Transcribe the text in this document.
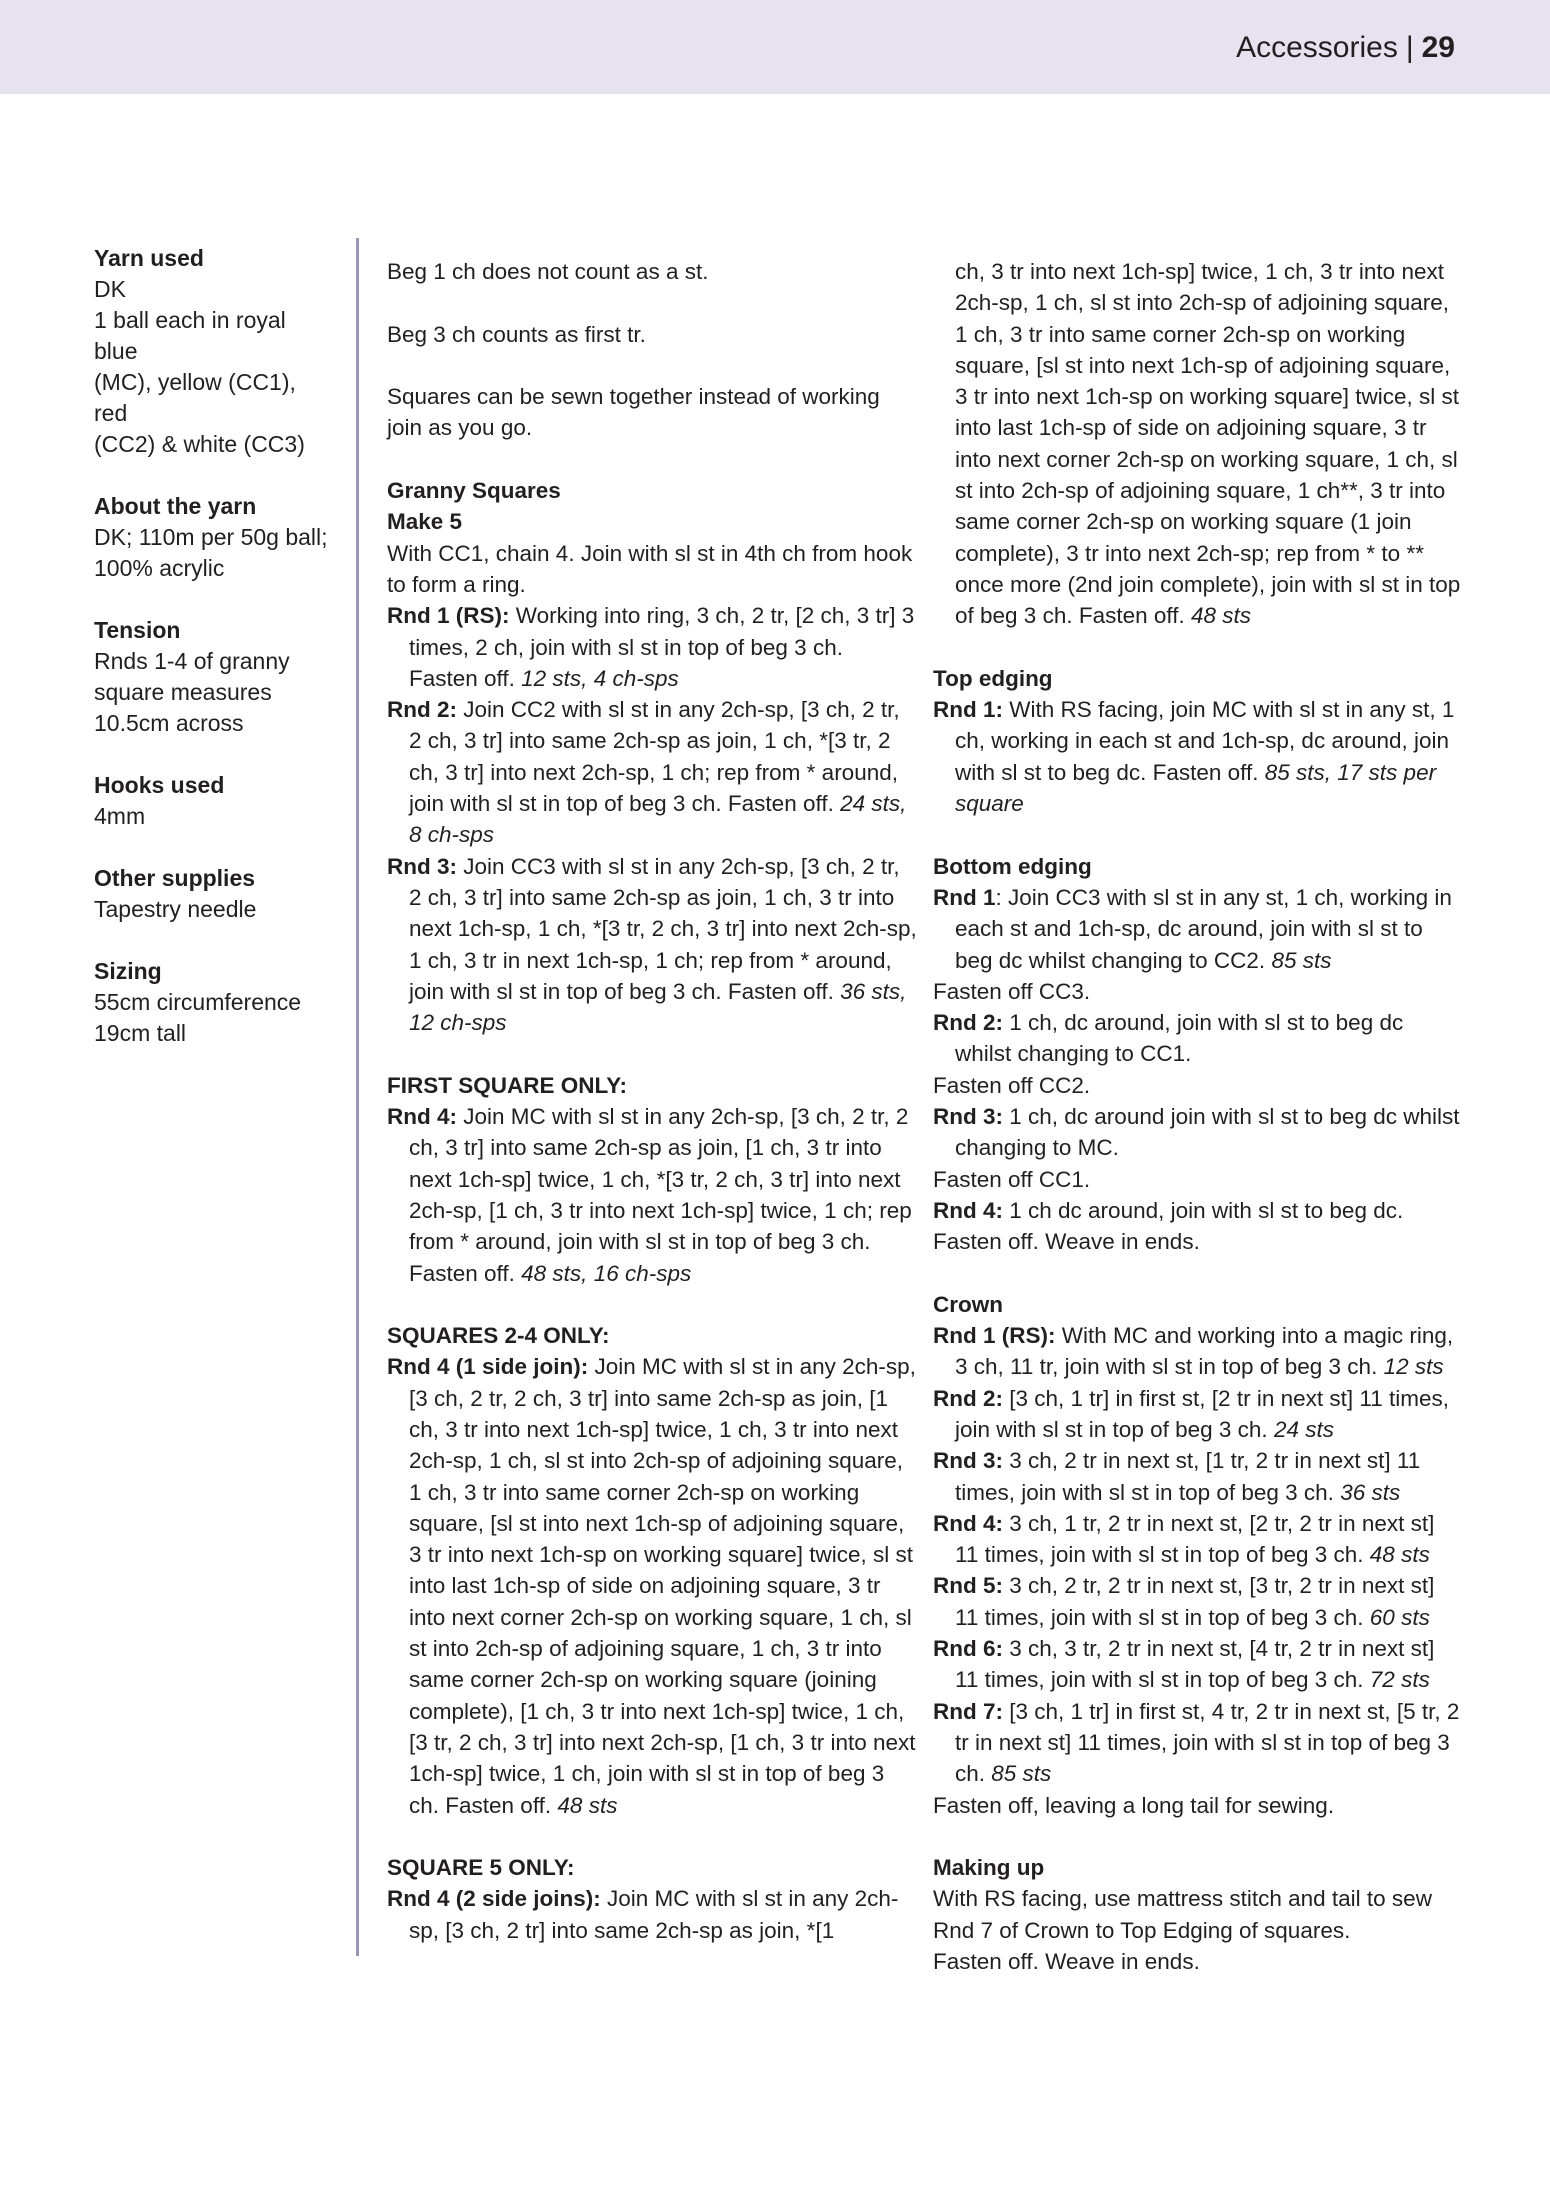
Accessories | 29
Yarn used
DK
1 ball each in royal blue
(MC), yellow (CC1), red
(CC2) & white (CC3)
About the yarn
DK; 110m per 50g ball;
100% acrylic
Tension
Rnds 1-4 of granny
square measures
10.5cm across
Hooks used
4mm
Other supplies
Tapestry needle
Sizing
55cm circumference
19cm tall

Beg 1 ch does not count as a st.

Beg 3 ch counts as first tr.

Squares can be sewn together instead of working join as you go.

Granny Squares
Make 5
With CC1, chain 4. Join with sl st in 4th ch from hook to form a ring.
Rnd 1 (RS): Working into ring, 3 ch, 2 tr, [2 ch, 3 tr] 3 times, 2 ch, join with sl st in top of beg 3 ch. Fasten off. 12 sts, 4 ch-sps
Rnd 2: Join CC2 with sl st in any 2ch-sp, [3 ch, 2 tr, 2 ch, 3 tr] into same 2ch-sp as join, 1 ch, *[3 tr, 2 ch, 3 tr] into next 2ch-sp, 1 ch; rep from * around, join with sl st in top of beg 3 ch. Fasten off. 24 sts, 8 ch-sps
Rnd 3: Join CC3 with sl st in any 2ch-sp, [3 ch, 2 tr, 2 ch, 3 tr] into same 2ch-sp as join, 1 ch, 3 tr into next 1ch-sp, 1 ch, *[3 tr, 2 ch, 3 tr] into next 2ch-sp, 1 ch, 3 tr in next 1ch-sp, 1 ch; rep from * around, join with sl st in top of beg 3 ch. Fasten off. 36 sts, 12 ch-sps
FIRST SQUARE ONLY:
Rnd 4: Join MC with sl st in any 2ch-sp, [3 ch, 2 tr, 2 ch, 3 tr] into same 2ch-sp as join, [1 ch, 3 tr into next 1ch-sp] twice, 1 ch, *[3 tr, 2 ch, 3 tr] into next 2ch-sp, [1 ch, 3 tr into next 1ch-sp] twice, 1 ch; rep from * around, join with sl st in top of beg 3 ch. Fasten off. 48 sts, 16 ch-sps
SQUARES 2-4 ONLY:
Rnd 4 (1 side join): Join MC with sl st in any 2ch-sp, [3 ch, 2 tr, 2 ch, 3 tr] into same 2ch-sp as join, [1 ch, 3 tr into next 1ch-sp] twice, 1 ch, 3 tr into next 2ch-sp, 1 ch, sl st into 2ch-sp of adjoining square, 1 ch, 3 tr into same corner 2ch-sp on working square, [sl st into next 1ch-sp of adjoining square, 3 tr into next 1ch-sp on working square] twice, sl st into last 1ch-sp of side on adjoining square, 3 tr into next corner 2ch-sp on working square, 1 ch, sl st into 2ch-sp of adjoining square, 1 ch, 3 tr into same corner 2ch-sp on working square (joining complete), [1 ch, 3 tr into next 1ch-sp] twice, 1 ch, [3 tr, 2 ch, 3 tr] into next 2ch-sp, [1 ch, 3 tr into next 1ch-sp] twice, 1 ch, join with sl st in top of beg 3 ch. Fasten off. 48 sts
SQUARE 5 ONLY:
Rnd 4 (2 side joins): Join MC with sl st in any 2ch-sp, [3 ch, 2 tr] into same 2ch-sp as join, *[1
ch, 3 tr into next 1ch-sp] twice, 1 ch, 3 tr into next 2ch-sp, 1 ch, sl st into 2ch-sp of adjoining square, 1 ch, 3 tr into same corner 2ch-sp on working square, [sl st into next 1ch-sp of adjoining square, 3 tr into next 1ch-sp on working square] twice, sl st into last 1ch-sp of side on adjoining square, 3 tr into next corner 2ch-sp on working square, 1 ch, sl st into 2ch-sp of adjoining square, 1 ch**, 3 tr into same corner 2ch-sp on working square (1 join complete), 3 tr into next 2ch-sp; rep from * to ** once more (2nd join complete), join with sl st in top of beg 3 ch. Fasten off. 48 sts
Top edging
Rnd 1: With RS facing, join MC with sl st in any st, 1 ch, working in each st and 1ch-sp, dc around, join with sl st to beg dc. Fasten off. 85 sts, 17 sts per square
Bottom edging
Rnd 1: Join CC3 with sl st in any st, 1 ch, working in each st and 1ch-sp, dc around, join with sl st to beg dc whilst changing to CC2. 85 sts
Fasten off CC3.
Rnd 2: 1 ch, dc around, join with sl st to beg dc whilst changing to CC1.
Fasten off CC2.
Rnd 3: 1 ch, dc around join with sl st to beg dc whilst changing to MC.
Fasten off CC1.
Rnd 4: 1 ch dc around, join with sl st to beg dc.
Fasten off. Weave in ends.
Crown
Rnd 1 (RS): With MC and working into a magic ring, 3 ch, 11 tr, join with sl st in top of beg 3 ch. 12 sts
Rnd 2: [3 ch, 1 tr] in first st, [2 tr in next st] 11 times, join with sl st in top of beg 3 ch. 24 sts
Rnd 3: 3 ch, 2 tr in next st, [1 tr, 2 tr in next st] 11 times, join with sl st in top of beg 3 ch. 36 sts
Rnd 4: 3 ch, 1 tr, 2 tr in next st, [2 tr, 2 tr in next st] 11 times, join with sl st in top of beg 3 ch. 48 sts
Rnd 5: 3 ch, 2 tr, 2 tr in next st, [3 tr, 2 tr in next st] 11 times, join with sl st in top of beg 3 ch. 60 sts
Rnd 6: 3 ch, 3 tr, 2 tr in next st, [4 tr, 2 tr in next st] 11 times, join with sl st in top of beg 3 ch. 72 sts
Rnd 7: [3 ch, 1 tr] in first st, 4 tr, 2 tr in next st, [5 tr, 2 tr in next st] 11 times, join with sl st in top of beg 3 ch. 85 sts
Fasten off, leaving a long tail for sewing.
Making up
With RS facing, use mattress stitch and tail to sew Rnd 7 of Crown to Top Edging of squares.
Fasten off. Weave in ends.
